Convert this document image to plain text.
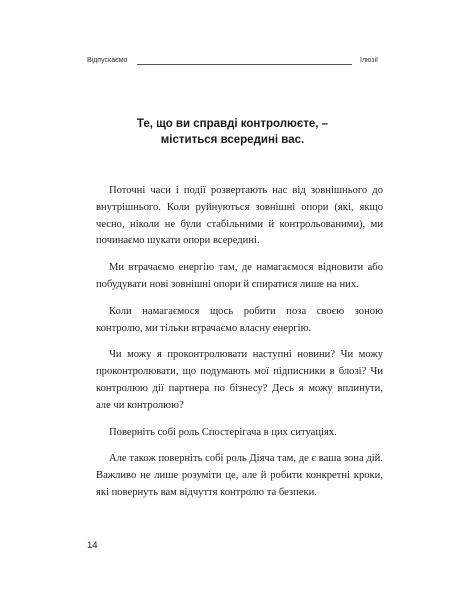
Відпускаємо	Ілюзії
Те, що ви справді контролюєте, –
міститься всередині вас.

Поточні часи і події розвертають нас від зовнішнього до внутрішнього. Коли руйнуються зовнішні опори (які, якщо чесно, ніколи не були стабільними й контрольованими), ми починаємо шукати опори всередині.

Ми втрачаємо енергію там, де намагаємося відновити або побудувати нові зовнішні опори й спиратися лише на них.

Коли намагаємося щось робити поза своєю зоною контролю, ми тільки втрачаємо власну енергію.

Чи можу я проконтролювати наступні новини? Чи можу проконтролювати, що подумають мої підписники в блозі? Чи контролюю дії партнера по бізнесу? Десь я можу вплинути, але чи контролюю?

Поверніть собі роль Спостерігача в цих ситуаціях.

Але також поверніть собі роль Діяча там, де є ваша зона дій. Важливо не лише розуміти це, але й робити конкретні кроки, які повернуть вам відчуття контролю та безпеки.

14
